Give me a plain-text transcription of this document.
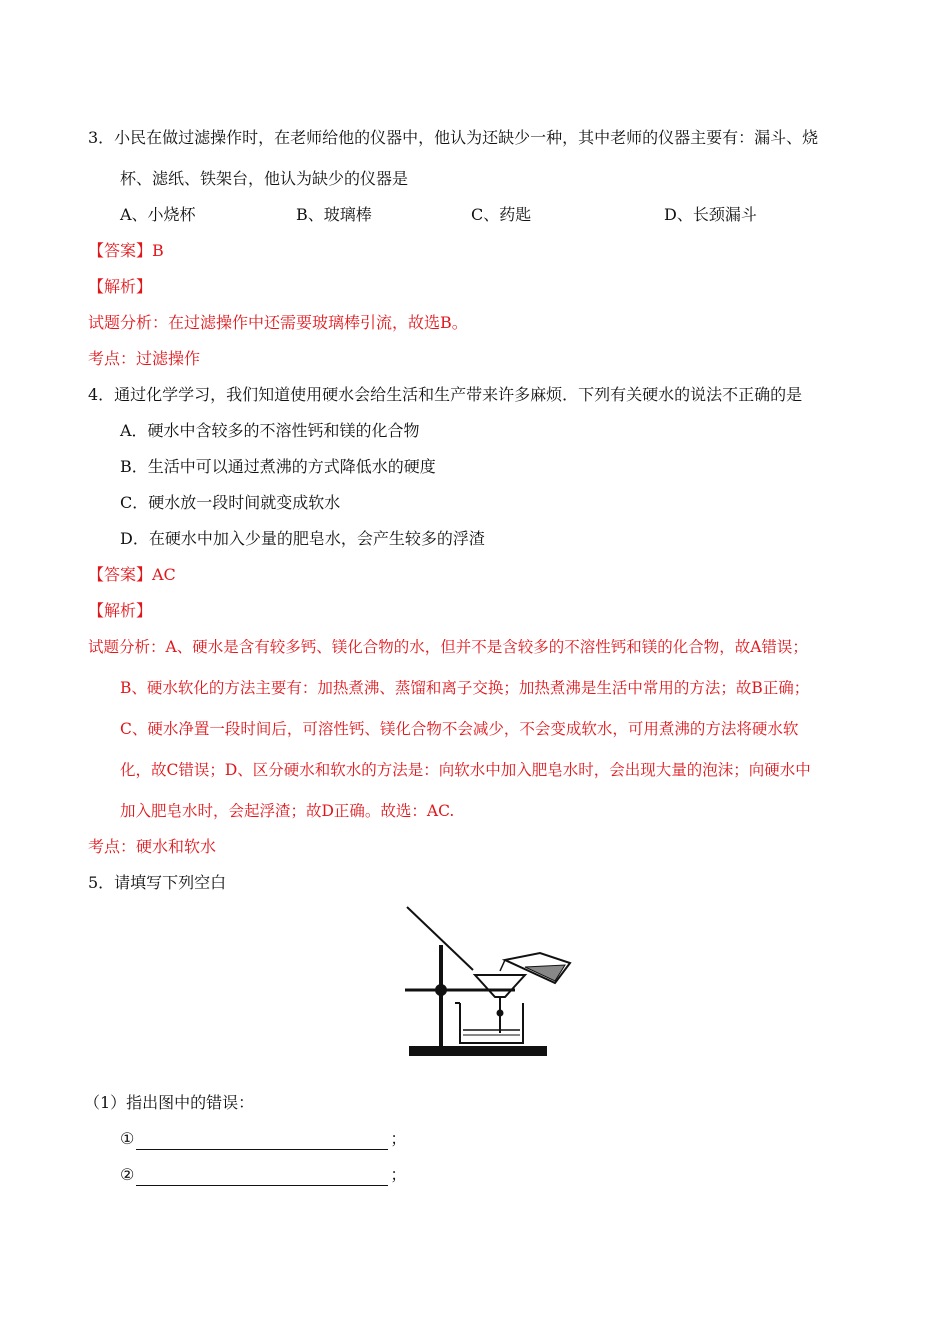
3．小民在做过滤操作时，在老师给他的仪器中，他认为还缺少一种，其中老师的仪器主要有：漏斗、烧
杯、滤纸、铁架台，他认为缺少的仪器是
A、小烧杯	B、玻璃棒	C、药匙	D、长颈漏斗
【答案】B
【解析】
试题分析：在过滤操作中还需要玻璃棒引流，故选B。
考点：过滤操作
4．通过化学学习，我们知道使用硬水会给生活和生产带来许多麻烦．下列有关硬水的说法不正确的是
A．硬水中含较多的不溶性钙和镁的化合物
B．生活中可以通过煮沸的方式降低水的硬度
C．硬水放一段时间就变成软水
D．在硬水中加入少量的肥皂水，会产生较多的浮渣
【答案】AC
【解析】
试题分析：A、硬水是含有较多钙、镁化合物的水，但并不是含较多的不溶性钙和镁的化合物，故A错误；
B、硬水软化的方法主要有：加热煮沸、蒸馏和离子交换；加热煮沸是生活中常用的方法；故B正确；
C、硬水净置一段时间后，可溶性钙、镁化合物不会减少，不会变成软水，可用煮沸的方法将硬水软
化，故C错误；D、区分硬水和软水的方法是：向软水中加入肥皂水时，会出现大量的泡沫；向硬水中
加入肥皂水时，会起浮渣；故D正确。故选：AC.
考点：硬水和软水
5．请填写下列空白
（1）指出图中的错误：
①	；
②	；
